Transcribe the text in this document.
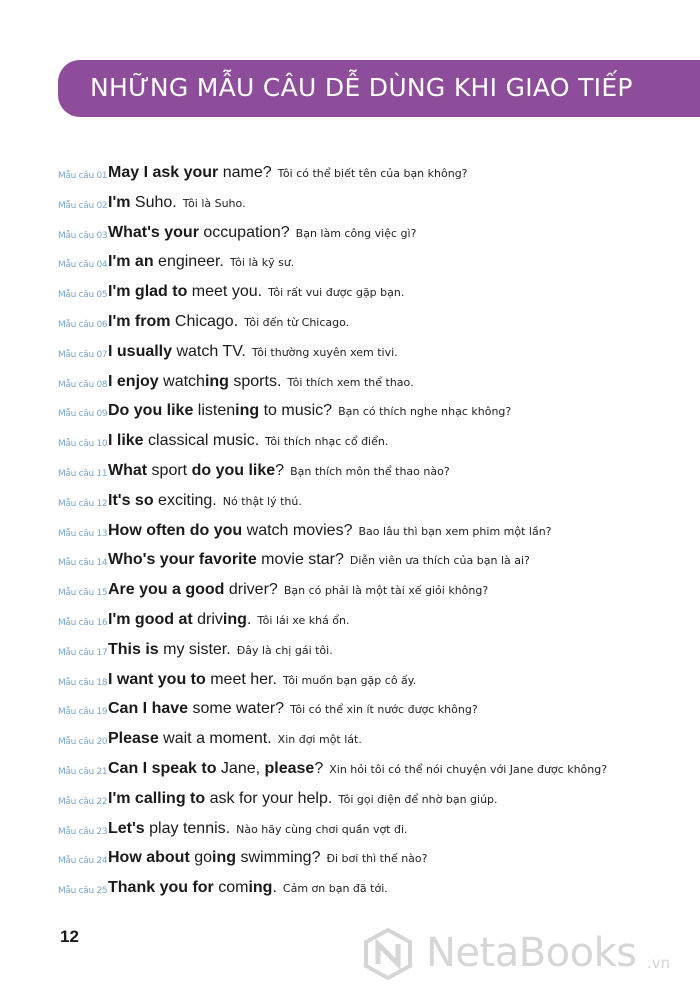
NHỮNG MẪU CÂU DỄ DÙNG KHI GIAO TIẾP
Mẫu câu 01 May I ask your name? Tôi có thể biết tên của bạn không?
Mẫu câu 02 I'm Suho. Tôi là Suho.
Mẫu câu 03 What's your occupation? Bạn làm công việc gì?
Mẫu câu 04 I'm an engineer. Tôi là kỹ sư.
Mẫu câu 05 I'm glad to meet you. Tôi rất vui được gặp bạn.
Mẫu câu 06 I'm from Chicago. Tôi đến từ Chicago.
Mẫu câu 07 I usually watch TV. Tôi thường xuyên xem tivi.
Mẫu câu 08 I enjoy watching sports. Tôi thích xem thể thao.
Mẫu câu 09 Do you like listening to music? Bạn có thích nghe nhạc không?
Mẫu câu 10 I like classical music. Tôi thích nhạc cổ điển.
Mẫu câu 11 What sport do you like? Bạn thích môn thể thao nào?
Mẫu câu 12 It's so exciting. Nó thật lý thú.
Mẫu câu 13 How often do you watch movies? Bao lâu thì bạn xem phim một lần?
Mẫu câu 14 Who's your favorite movie star? Diễn viên ưa thích của bạn là ai?
Mẫu câu 15 Are you a good driver? Bạn có phải là một tài xế giỏi không?
Mẫu câu 16 I'm good at driving. Tôi lái xe khá ổn.
Mẫu câu 17 This is my sister. Đây là chị gái tôi.
Mẫu câu 18 I want you to meet her. Tôi muốn bạn gặp cô ấy.
Mẫu câu 19 Can I have some water? Tôi có thể xin ít nước được không?
Mẫu câu 20 Please wait a moment. Xin đợi một lát.
Mẫu câu 21 Can I speak to Jane, please? Xin hỏi tôi có thể nói chuyện với Jane được không?
Mẫu câu 22 I'm calling to ask for your help. Tôi gọi điện để nhờ bạn giúp.
Mẫu câu 23 Let's play tennis. Nào hãy cùng chơi quần vợt đi.
Mẫu câu 24 How about going swimming? Đi bơi thì thế nào?
Mẫu câu 25 Thank you for coming. Cảm ơn bạn đã tới.
12	NetaBooks .vn
